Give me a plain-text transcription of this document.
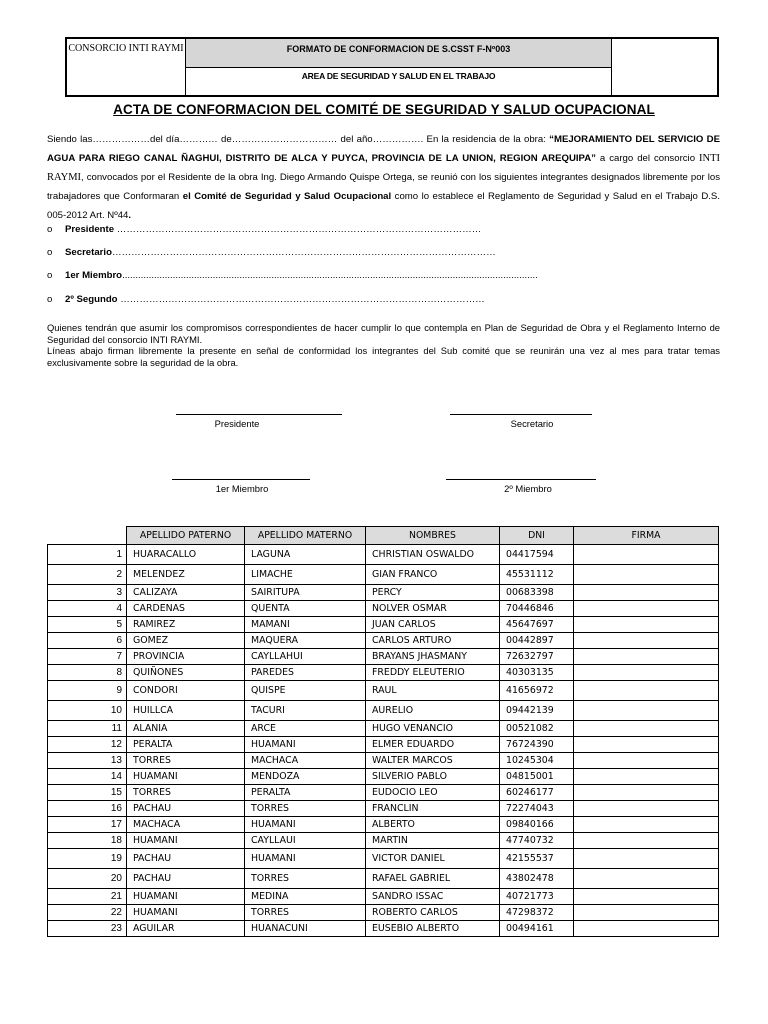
CONSORCIO INTI RAYMI	FORMATO DE CONFORMACION DE S.CSST F-Nº003
AREA DE SEGURIDAD Y SALUD EN EL TRABAJO
ACTA DE CONFORMACION DEL COMITÉ DE SEGURIDAD Y SALUD OCUPACIONAL
Siendo las………………del día………… de…………………………… del año……………. En la residencia de la obra: “MEJORAMIENTO DEL SERVICIO DE AGUA PARA RIEGO CANAL ÑAGHUI, DISTRITO DE ALCA Y PUYCA, PROVINCIA DE LA UNION, REGION AREQUIPA” a cargo del consorcio INTI RAYMI, convocados por el Residente de la obra Ing. Diego Armando Quispe Ortega, se reunió con los siguientes integrantes designados libremente por los trabajadores que Conformaran el Comité de Seguridad y Salud Ocupacional como lo establece el Reglamento de Seguridad y Salud en el Trabajo D.S. 005-2012 Art. Nº44.
o Presidente ……………………………………………………………………………………………………
o Secretario…………………………………………………………………………………………………………
o 1er Miembro............................................................................................................................................................
o 2º Segundo ……………………………………………………………………………………………………
Quienes tendrán que asumir los compromisos correspondientes de hacer cumplir lo que contempla en Plan de Seguridad de Obra y el Reglamento Interno de Seguridad del consorcio INTI RAYMI.
Líneas abajo firman libremente la presente en señal de conformidad los integrantes del Sub comité que se reunirán una vez al mes para tratar temas exclusivamente sobre la seguridad de la obra.
Presidente	Secretario
1er Miembro	2º Miembro
	APELLIDO PATERNO	APELLIDO MATERNO	NOMBRES	DNI	FIRMA
1	HUARACALLO	LAGUNA	CHRISTIAN OSWALDO	04417594	
2	MELENDEZ	LIMACHE	GIAN FRANCO	45531112	
3	CALIZAYA	SAIRITUPA	PERCY	00683398	
4	CARDENAS	QUENTA	NOLVER OSMAR	70446846	
5	RAMIREZ	MAMANI	JUAN CARLOS	45647697	
6	GOMEZ	MAQUERA	CARLOS ARTURO	00442897	
7	PROVINCIA	CAYLLAHUI	BRAYANS JHASMANY	72632797	
8	QUIÑONES	PAREDES	FREDDY ELEUTERIO	40303135	
9	CONDORI	QUISPE	RAUL	41656972	
10	HUILLCA	TACURI	AURELIO	09442139	
11	ALANIA	ARCE	HUGO VENANCIO	00521082	
12	PERALTA	HUAMANI	ELMER EDUARDO	76724390	
13	TORRES	MACHACA	WALTER MARCOS	10245304	
14	HUAMANI	MENDOZA	SILVERIO PABLO	04815001	
15	TORRES	PERALTA	EUDOCIO LEO	60246177	
16	PACHAU	TORRES	FRANCLIN	72274043	
17	MACHACA	HUAMANI	ALBERTO	09840166	
18	HUAMANI	CAYLLAUI	MARTIN	47740732	
19	PACHAU	HUAMANI	VICTOR DANIEL	42155537	
20	PACHAU	TORRES	RAFAEL GABRIEL	43802478	
21	HUAMANI	MEDINA	SANDRO ISSAC	40721773	
22	HUAMANI	TORRES	ROBERTO CARLOS	47298372	
23	AGUILAR	HUANACUNI	EUSEBIO ALBERTO	00494161	
